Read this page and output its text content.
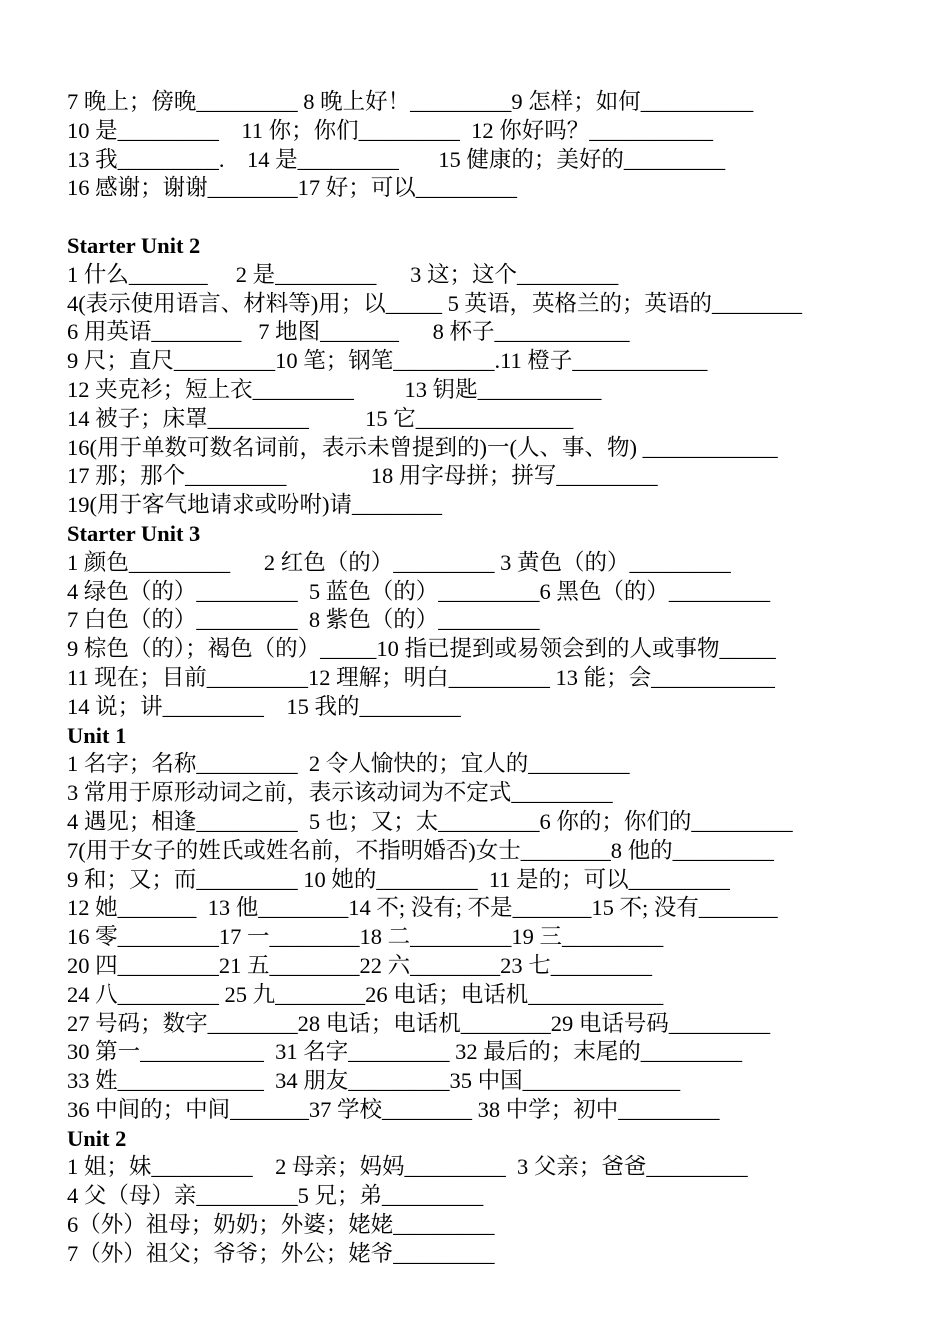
7 晚上；傍晚_________ 8 晚上好！_________9 怎样；如何__________
10 是_________    11 你；你们_________  12 你好吗？___________
13 我_________.    14 是_________       15 健康的；美好的_________
16 感谢；谢谢________17 好；可以_________
Starter Unit 2
1 什么_______     2 是_________      3 这；这个_________
4(表示使用语言、材料等)用；以_____ 5 英语，英格兰的；英语的________
6 用英语________   7 地图_______      8 杯子____________
9 尺；直尺_________10 笔；钢笔_________.11 橙子____________
12 夹克衫；短上衣_________         13 钥匙___________
14 被子；床罩_________          15 它______________
16(用于单数可数名词前，表示未曾提到的)一(人、事、物) ____________
17 那；那个_________               18 用字母拼；拼写_________
19(用于客气地请求或吩咐)请________
Starter Unit 3
1 颜色_________      2 红色（的）_________ 3 黄色（的）_________
4 绿色（的）_________  5 蓝色（的）_________6 黑色（的）_________
7 白色（的）_________  8 紫色（的）_________
9 棕色（的）；褐色（的）_____10 指已提到或易领会到的人或事物_____
11 现在；目前_________12 理解；明白_________ 13 能；会___________
14 说；讲_________    15 我的_________
Unit 1
1 名字；名称_________  2 令人愉快的；宜人的_________
3 常用于原形动词之前，表示该动词为不定式_________
4 遇见；相逢_________  5 也；又；太_________6 你的；你们的_________
7(用于女子的姓氏或姓名前，不指明婚否)女士________8 他的_________
9 和；又；而_________ 10 她的_________  11 是的；可以_________
12 她_______  13 他________14 不; 没有; 不是_______15 不; 没有_______
16 零_________17 一________18 二_________19 三_________
20 四_________21 五________22 六________23 七_________
24 八_________ 25 九________26 电话；电话机____________
27 号码；数字________28 电话；电话机________29 电话号码_________
30 第一___________  31 名字_________ 32 最后的；末尾的_________
33 姓_____________  34 朋友_________35 中国______________
36 中间的；中间_______37 学校________ 38 中学；初中_________
Unit 2
1 姐；妹_________    2 母亲；妈妈_________  3 父亲；爸爸_________
4 父（母）亲_________5 兄；弟_________
6（外）祖母；奶奶；外婆；姥姥_________
7（外）祖父；爷爷；外公；姥爷_________
